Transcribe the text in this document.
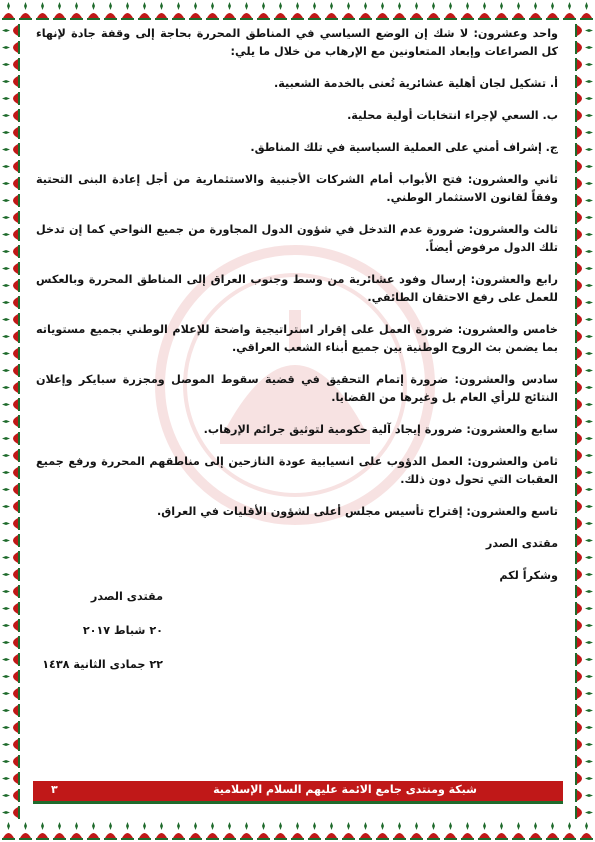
واحد وعشرون: لا شك إن الوضع السياسي في المناطق المحررة بحاجة إلى وقفة جادة لإنهاء كل الصراعات وإبعاد المتعاونين مع الإرهاب من خلال ما يلي:

أ. تشكيل لجان أهلية عشائرية تُعنى بالخدمة الشعبية.

ب. السعي لإجراء انتخابات أولية محلية.

ج. إشراف أمني على العملية السياسية في تلك المناطق.

ثاني والعشرون: فتح الأبواب أمام الشركات الأجنبية والاستثمارية من أجل إعادة البنى التحتية وفقاً لقانون الاستثمار الوطني.

ثالث والعشرون: ضرورة عدم التدخل في شؤون الدول المجاورة من جميع النواحي كما إن تدخل تلك الدول مرفوض أيضاً.

رابع والعشرون: إرسال وفود عشائرية من وسط وجنوب العراق إلى المناطق المحررة وبالعكس للعمل على رفع الاحتقان الطائفي.

خامس والعشرون: ضرورة العمل على إقرار استراتيجية واضحة للإعلام الوطني بجميع مستوياته بما يضمن بث الروح الوطنية بين جميع أبناء الشعب العراقي.

سادس والعشرون: ضرورة إتمام التحقيق في قضية سقوط الموصل ومجزرة سبايكر وإعلان النتائج للرأي العام بل وغيرها من القضايا.

سابع والعشرون: ضرورة إيجاد آلية حكومية لتوثيق جرائم الإرهاب.

ثامن والعشرون: العمل الدؤوب على انسيابية عودة النازحين إلى مناطقهم المحررة ورفع جميع العقبات التي تحول دون ذلك.

تاسع والعشرون: إقتراح تأسيس مجلس أعلى لشؤون الأقليات في العراق.

مقتدى الصدر

وشكراً لكم

مقتدى الصدر

٢٠ شباط ٢٠١٧

٢٢ جمادى الثانية ١٤٣٨

شبكة ومنتدى جامع الائمة عليهم السلام الإسلامية
٣
